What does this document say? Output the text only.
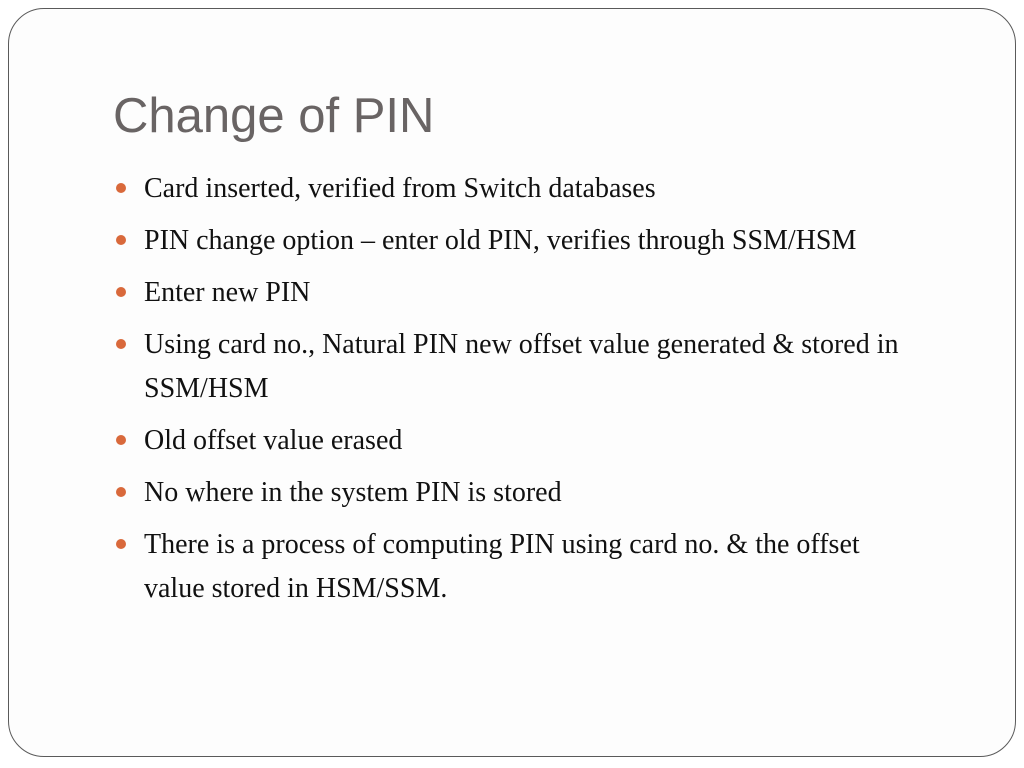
Change of PIN
Card inserted, verified from Switch databases
PIN change option – enter old PIN, verifies through SSM/HSM
Enter new PIN
Using card no., Natural PIN new offset value generated & stored in SSM/HSM
Old offset value erased
No where in the system PIN is stored
There is a process of computing PIN using card no. & the offset value stored in HSM/SSM.
